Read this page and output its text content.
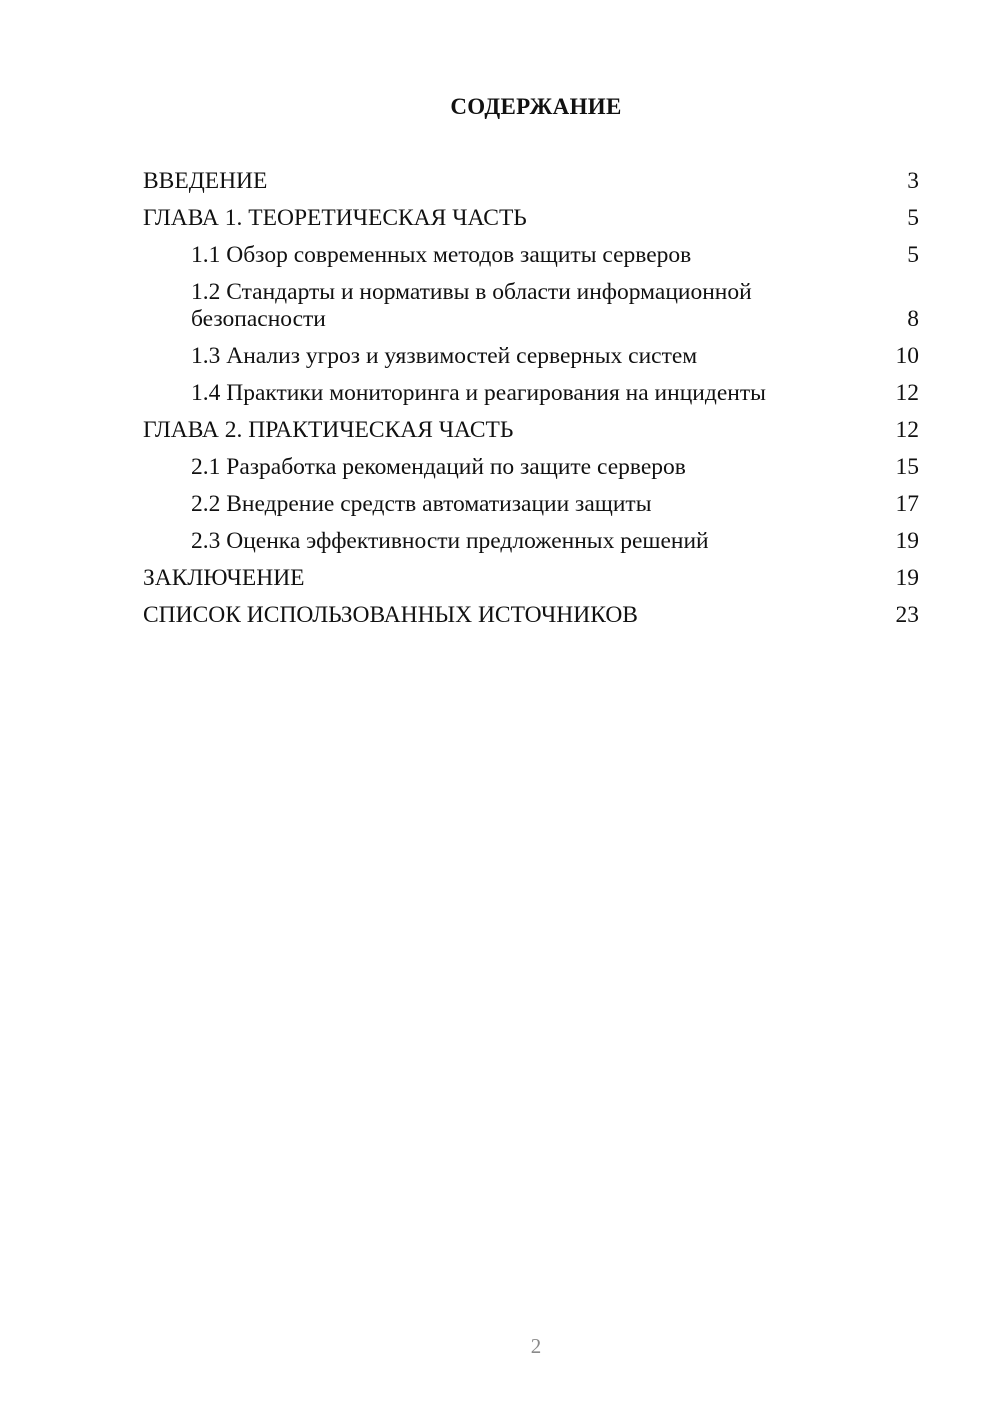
СОДЕРЖАНИЕ
ВВЕДЕНИЕ	3
ГЛАВА 1. ТЕОРЕТИЧЕСКАЯ ЧАСТЬ	5
1.1 Обзор современных методов защиты серверов	5
1.2 Стандарты и нормативы в области информационной безопасности	8
1.3 Анализ угроз и уязвимостей серверных систем	10
1.4 Практики мониторинга и реагирования на инциденты	12
ГЛАВА 2. ПРАКТИЧЕСКАЯ ЧАСТЬ	12
2.1 Разработка рекомендаций по защите серверов	15
2.2 Внедрение средств автоматизации защиты	17
2.3 Оценка эффективности предложенных решений	19
ЗАКЛЮЧЕНИЕ	19
СПИСОК ИСПОЛЬЗОВАННЫХ ИСТОЧНИКОВ	23
2
